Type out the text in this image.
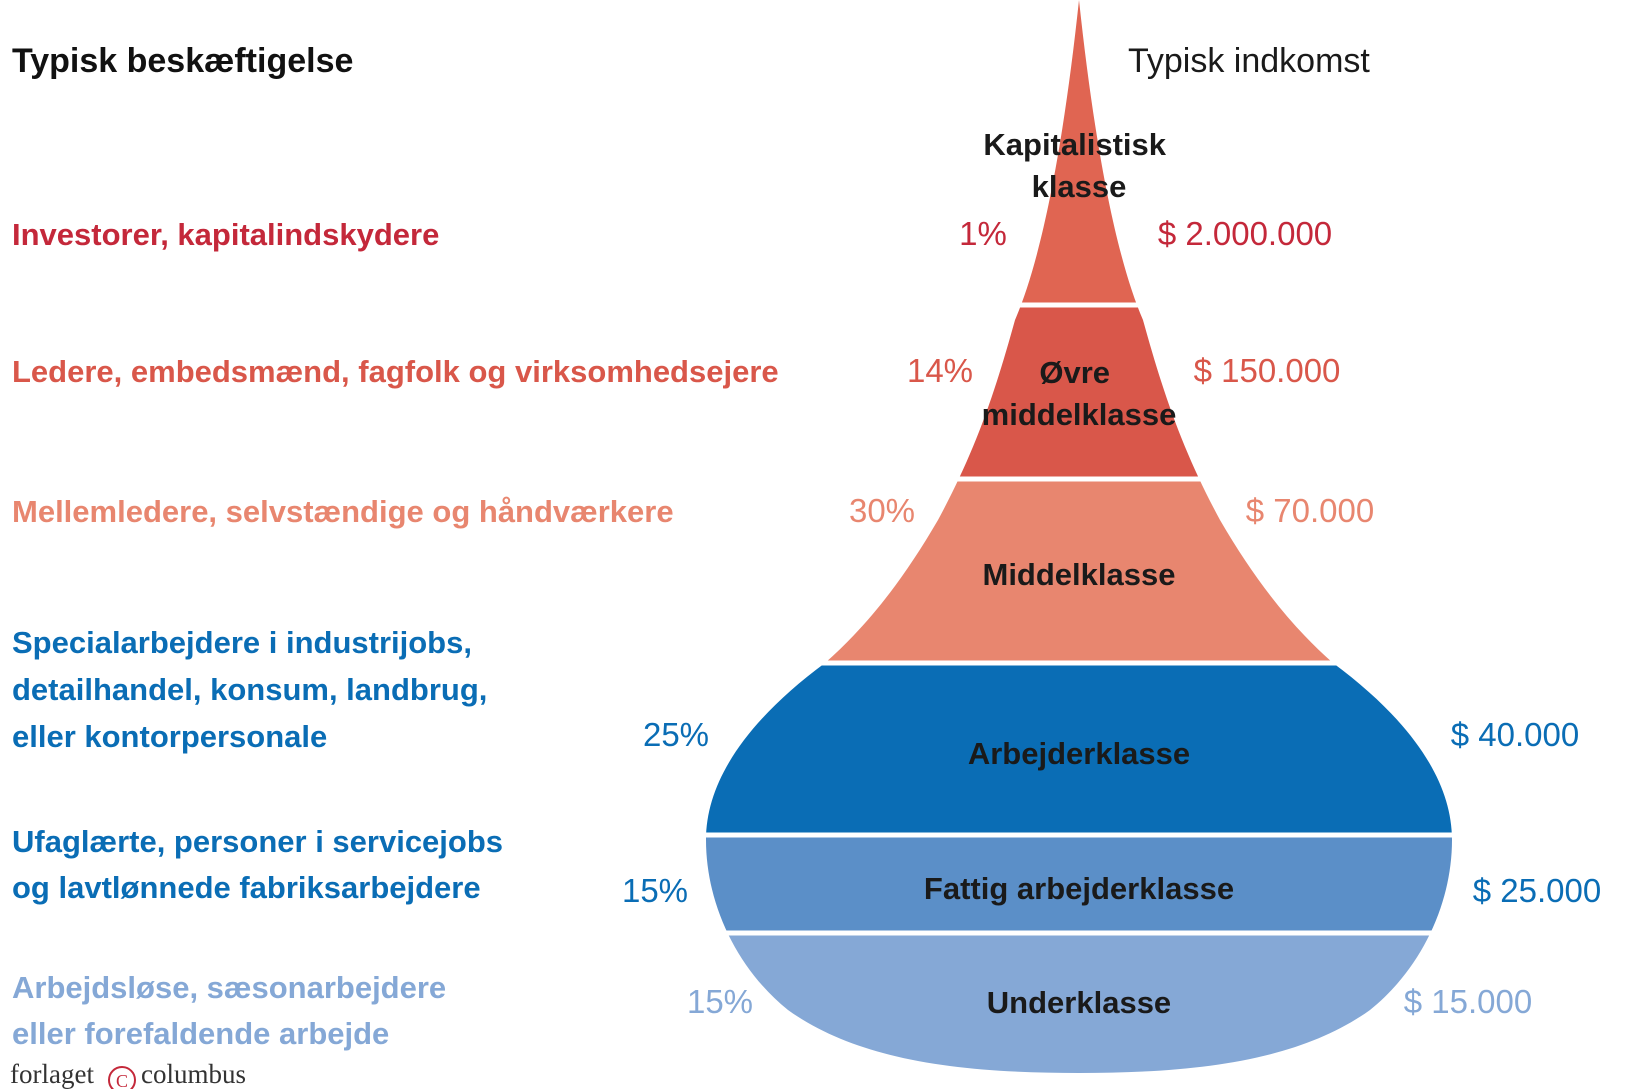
Typisk beskæftigelse	Typisk indkomst
Kapitalistisk klasse
Øvre middelklasse
Middelklasse
Arbejderklasse
Fattig arbejderklasse
Underklasse
Investorer, kapitalindskydere
Ledere, embedsmænd, fagfolk og virksomhedsejere
Mellemledere, selvstændige og håndværkere
Specialarbejdere i industrijobs, detailhandel, konsum, landbrug, eller kontorpersonale
Ufaglærte, personer i servicejobs og lavtlønnede fabriksarbejdere
Arbejdsløse, sæsonarbejdere eller forefaldende arbejde
1%
14%
30%
25%
15%
15%
$ 2.000.000
$ 150.000
$ 70.000
$ 40.000
$ 25.000
$ 15.000
forlaget C columbus
